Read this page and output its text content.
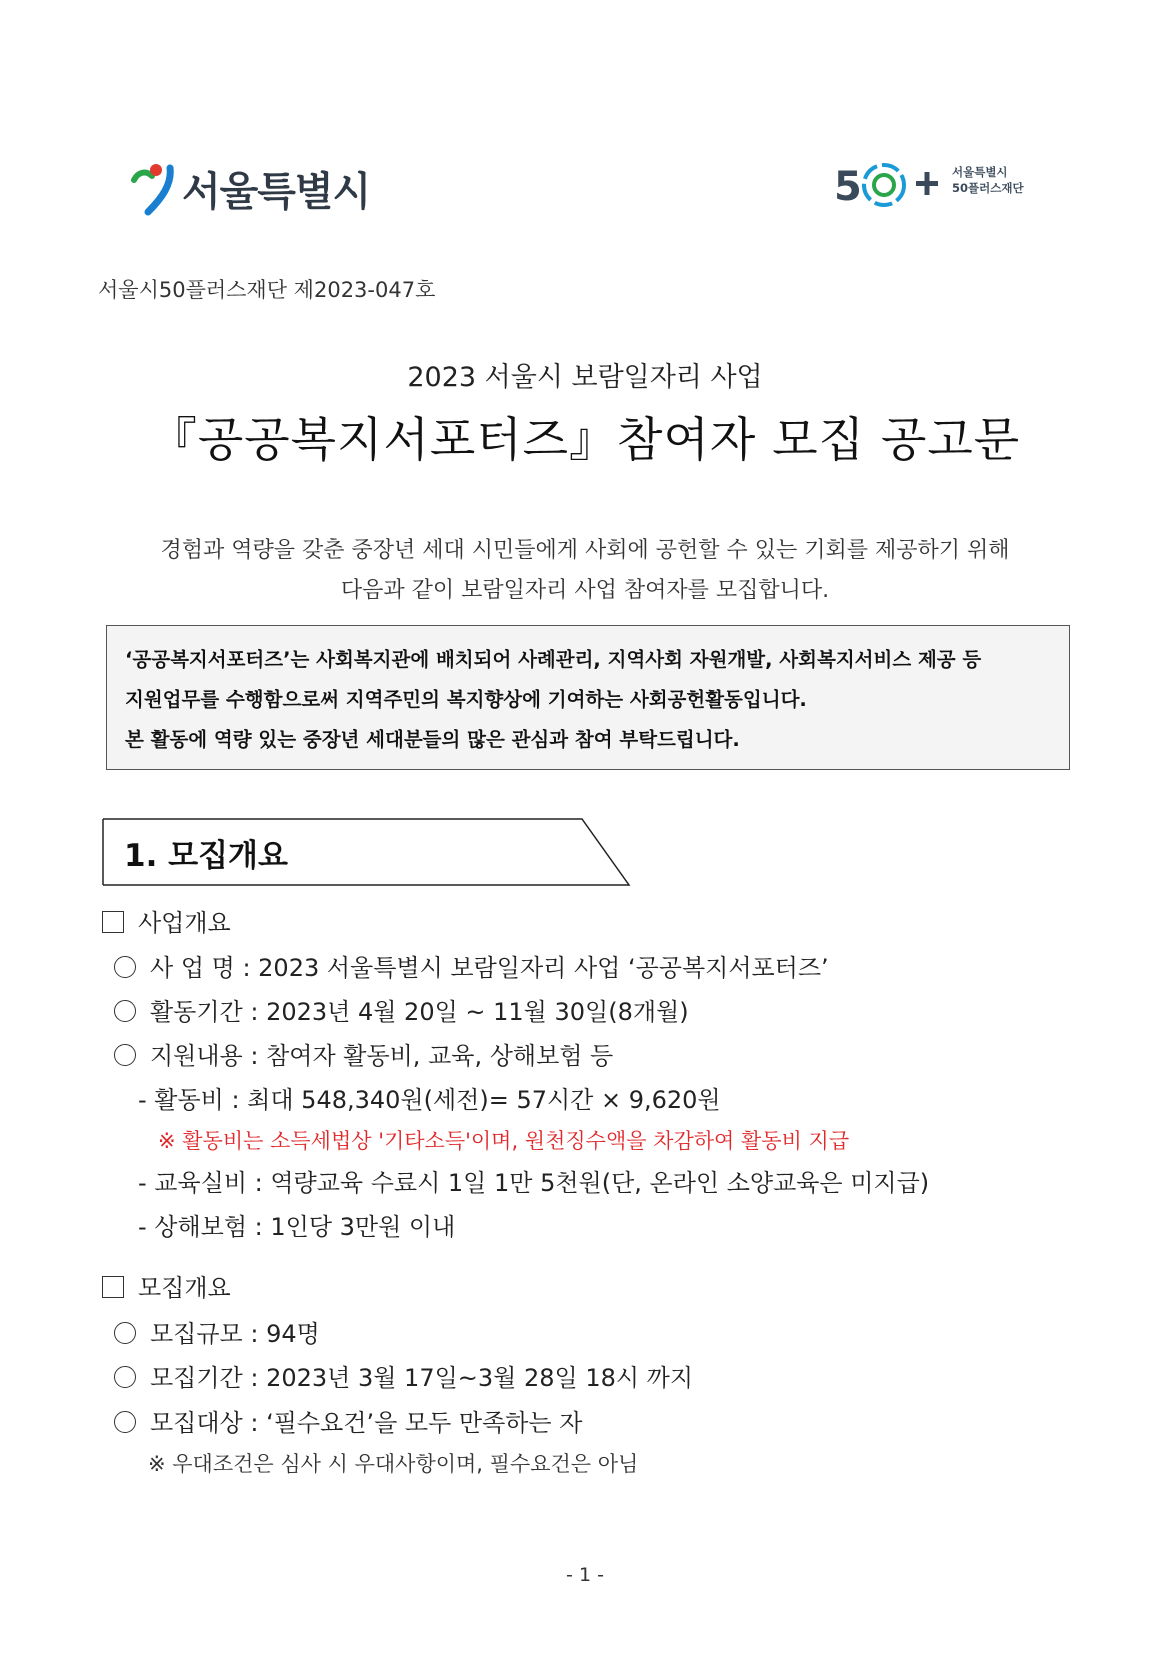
서울특별시	5	서울특별시
50플러스재단
서울시50플러스재단 제2023-047호
2023 서울시 보람일자리 사업
『공공복지서포터즈』참여자 모집 공고문
경험과 역량을 갖춘 중장년 세대 시민들에게 사회에 공헌할 수 있는 기회를 제공하기 위해
다음과 같이 보람일자리 사업 참여자를 모집합니다.
‘공공복지서포터즈’는 사회복지관에 배치되어 사례관리, 지역사회 자원개발, 사회복지서비스 제공 등
지원업무를 수행함으로써 지역주민의 복지향상에 기여하는 사회공헌활동입니다.
본 활동에 역량 있는 중장년 세대분들의 많은 관심과 참여 부탁드립니다.
1. 모집개요
사업개요
사 업 명 : 2023 서울특별시 보람일자리 사업 ‘공공복지서포터즈’
활동기간 : 2023년 4월 20일 ~ 11월 30일(8개월)
지원내용 : 참여자 활동비, 교육, 상해보험 등
- 활동비 : 최대 548,340원(세전)= 57시간 × 9,620원
※ 활동비는 소득세법상 '기타소득'이며, 원천징수액을 차감하여 활동비 지급
- 교육실비 : 역량교육 수료시 1일 1만 5천원(단, 온라인 소양교육은 미지급)
- 상해보험 : 1인당 3만원 이내
모집개요
모집규모 : 94명
모집기간 : 2023년 3월 17일~3월 28일 18시 까지
모집대상 : ‘필수요건’을 모두 만족하는 자
※ 우대조건은 심사 시 우대사항이며, 필수요건은 아님
- 1 -
